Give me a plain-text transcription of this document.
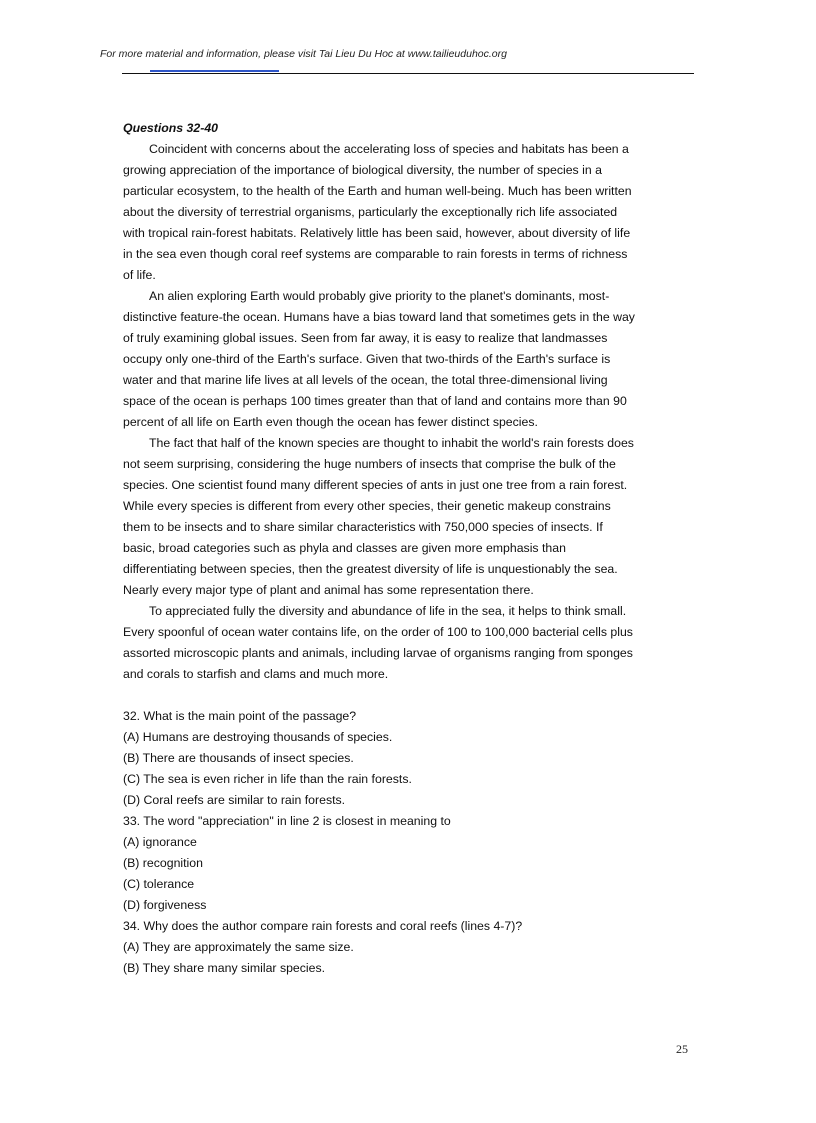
For more material and information, please visit Tai Lieu Du Hoc at www.tailieuduhoc.org

Questions 32-40

Coincident with concerns about the accelerating loss of species and habitats has been a growing appreciation of the importance of biological diversity, the number of species in a particular ecosystem, to the health of the Earth and human well-being. Much has been written about the diversity of terrestrial organisms, particularly the exceptionally rich life associated with tropical rain-forest habitats. Relatively little has been said, however, about diversity of life in the sea even though coral reef systems are comparable to rain forests in terms of richness of life.

An alien exploring Earth would probably give priority to the planet's dominants, most-distinctive feature-the ocean. Humans have a bias toward land that sometimes gets in the way of truly examining global issues. Seen from far away, it is easy to realize that landmasses occupy only one-third of the Earth's surface. Given that two-thirds of the Earth's surface is water and that marine life lives at all levels of the ocean, the total three-dimensional living space of the ocean is perhaps 100 times greater than that of land and contains more than 90 percent of all life on Earth even though the ocean has fewer distinct species.

The fact that half of the known species are thought to inhabit the world's rain forests does not seem surprising, considering the huge numbers of insects that comprise the bulk of the species. One scientist found many different species of ants in just one tree from a rain forest. While every species is different from every other species, their genetic makeup constrains them to be insects and to share similar characteristics with 750,000 species of insects. If basic, broad categories such as phyla and classes are given more emphasis than differentiating between species, then the greatest diversity of life is unquestionably the sea. Nearly every major type of plant and animal has some representation there.

To appreciated fully the diversity and abundance of life in the sea, it helps to think small. Every spoonful of ocean water contains life, on the order of 100 to 100,000 bacterial cells plus assorted microscopic plants and animals, including larvae of organisms ranging from sponges and corals to starfish and clams and much more.

32. What is the main point of the passage?

(A) Humans are destroying thousands of species.

(B) There are thousands of insect species.

(C) The sea is even richer in life than the rain forests.

(D) Coral reefs are similar to rain forests.

33. The word "appreciation" in line 2 is closest in meaning to

(A) ignorance

(B) recognition

(C) tolerance

(D) forgiveness

34. Why does the author compare rain forests and coral reefs (lines 4-7)?

(A) They are approximately the same size.

(B) They share many similar species.

25
